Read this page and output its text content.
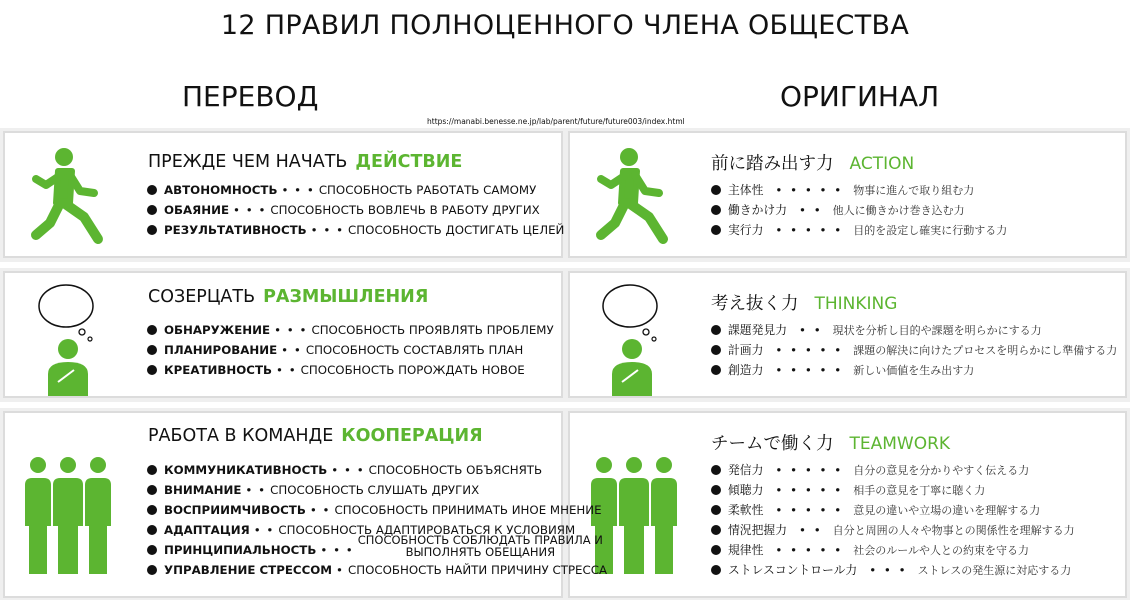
12 ПРАВИЛ ПОЛНОЦЕННОГО ЧЛЕНА ОБЩЕСТВА
ПЕРЕВОД	ОРИГИНАЛ
https://manabi.benesse.ne.jp/lab/parent/future/future003/index.html
ПРЕЖДЕ ЧЕМ НАЧАТЬ ДЕЙСТВИЕ
АВТОНОМНОСТЬ • • • СПОСОБНОСТЬ РАБОТАТЬ САМОМУ
ОБАЯНИЕ • • • СПОСОБНОСТЬ ВОВЛЕЧЬ В РАБОТУ ДРУГИХ
РЕЗУЛЬТАТИВНОСТЬ • • • СПОСОБНОСТЬ ДОСТИГАТЬ ЦЕЛЕЙ
СОЗЕРЦАТЬ РАЗМЫШЛЕНИЯ
ОБНАРУЖЕНИЕ • • • СПОСОБНОСТЬ ПРОЯВЛЯТЬ ПРОБЛЕМУ
ПЛАНИРОВАНИЕ • • СПОСОБНОСТЬ СОСТАВЛЯТЬ ПЛАН
КРЕАТИВНОСТЬ • • СПОСОБНОСТЬ ПОРОЖДАТЬ НОВОЕ
РАБОТА В КОМАНДЕ КООПЕРАЦИЯ
КОММУНИКАТИВНОСТЬ • • • СПОСОБНОСТЬ ОБЪЯСНЯТЬ
ВНИМАНИЕ • • СПОСОБНОСТЬ СЛУШАТЬ ДРУГИХ
ВОСПРИИМЧИВОСТЬ • • СПОСОБНОСТЬ ПРИНИМАТЬ ИНОЕ МНЕНИЕ
АДАПТАЦИЯ • • СПОСОБНОСТЬ АДАПТИРОВАТЬСЯ К УСЛОВИЯМ
ПРИНЦИПИАЛЬНОСТЬ • • •СПОСОБНОСТЬ СОБЛЮДАТЬ ПРАВИЛА И
ВЫПОЛНЯТЬ ОБЕЩАНИЯ
УПРАВЛЕНИЕ СТРЕССОМ • СПОСОБНОСТЬ НАЙТИ ПРИЧИНУ СТРЕССА
前に踏み出す力 ACTION
主体性 • • • • • 物事に進んで取り組む力
働きかけ力 • • 他人に働きかけ巻き込む力
実行力 • • • • • 目的を設定し確実に行動する力
考え抜く力 THINKING
課題発見力 • • 現状を分析し目的や課題を明らかにする力
計画力 • • • • • 課題の解決に向けたプロセスを明らかにし準備する力
創造力 • • • • • 新しい価値を生み出す力
チームで働く力 TEAMWORK
発信力 • • • • • 自分の意見を分かりやすく伝える力
傾聴力 • • • • • 相手の意見を丁寧に聴く力
柔軟性 • • • • • 意見の違いや立場の違いを理解する力
情況把握力 • • 自分と周囲の人々や物事との関係性を理解する力
規律性 • • • • • 社会のルールや人との約束を守る力
ストレスコントロール力 • • • ストレスの発生源に対応する力
